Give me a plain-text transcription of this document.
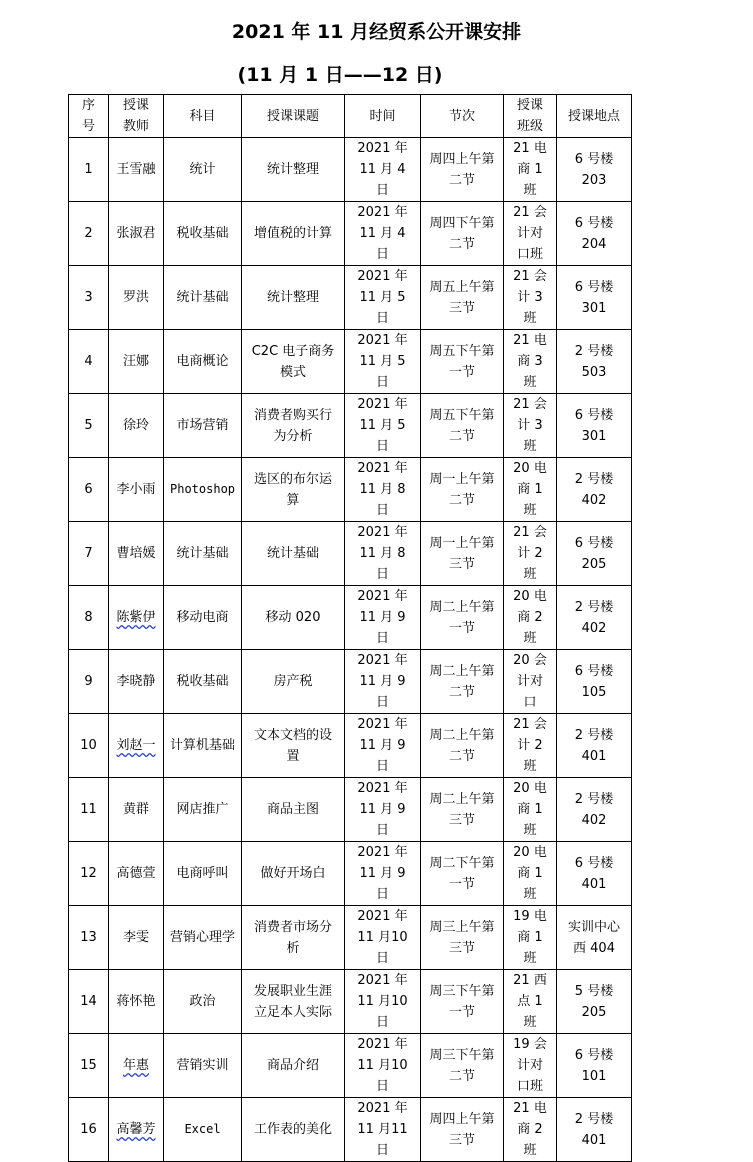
2021 年 11 月经贸系公开课安排
(11 月 1 日——12 日)
序号	授课教师	科目	授课课题	时间	节次	授课班级	授课地点
1	王雪融	统计	统计整理	2021 年 11 月 4 日	周四上午第二节	21 电商 1 班	6 号楼 203
2	张淑君	税收基础	增值税的计算	2021 年 11 月 4 日	周四下午第二节	21 会计对口班	6 号楼 204
3	罗洪	统计基础	统计整理	2021 年 11 月 5 日	周五上午第三节	21 会计 3 班	6 号楼 301
4	汪娜	电商概论	C2C 电子商务模式	2021 年 11 月 5 日	周五下午第一节	21 电商 3 班	2 号楼 503
5	徐玲	市场营销	消费者购买行为分析	2021 年 11 月 5 日	周五下午第二节	21 会计 3 班	6 号楼 301
6	李小雨	Photoshop	选区的布尔运算	2021 年 11 月 8 日	周一上午第二节	20 电商 1 班	2 号楼 402
7	曹培媛	统计基础	统计基础	2021 年 11 月 8 日	周一上午第三节	21 会计 2 班	6 号楼 205
8	陈紫伊	移动电商	移动 020	2021 年 11 月 9 日	周二上午第一节	20 电商 2 班	2 号楼 402
9	李晓静	税收基础	房产税	2021 年 11 月 9 日	周二上午第二节	20 会计对口	6 号楼 105
10	刘赵一	计算机基础	文本文档的设置	2021 年 11 月 9 日	周二上午第二节	21 会计 2 班	2 号楼 401
11	黄群	网店推广	商品主图	2021 年 11 月 9 日	周二上午第三节	20 电商 1 班	2 号楼 402
12	高德萱	电商呼叫	做好开场白	2021 年 11 月 9 日	周二下午第一节	20 电商 1 班	6 号楼 401
13	李雯	营销心理学	消费者市场分析	2021 年 11 月10日	周三上午第三节	19 电商 1 班	实训中心西 404
14	蒋怀艳	政治	发展职业生涯立足本人实际	2021 年 11 月10日	周三下午第一节	21 西点 1 班	5 号楼 205
15	年惠	营销实训	商品介绍	2021 年 11 月10日	周三下午第二节	19 会计对口班	6 号楼 101
16	高馨芳	Excel	工作表的美化	2021 年 11 月11日	周四上午第三节	21 电商 2 班	2 号楼 401
